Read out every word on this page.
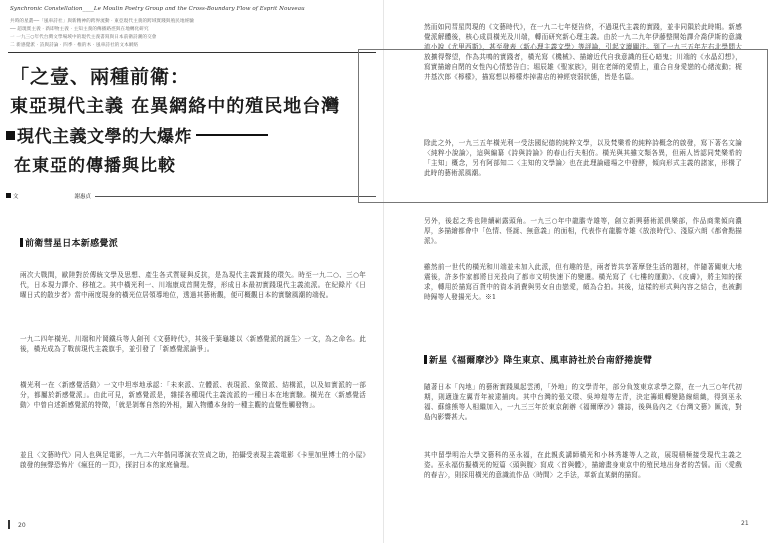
Synchronic Constellation____Le Moulin Poetry Group and the Cross-Boundary Flow of Esprit Nouveau
共時的星叢──「風車詩社」與新精神的跨界流動 · 東亞現代主義的跨域實踐與殖民地經驗
── 超現實主義 · 新即物主義 · 主知主義的傳播路徑與在地轉化研究
一 一九三○年代台灣文學場域中的現代主義書寫與日本前衛詩潮的交會
二 新感覺派 · 詩與詩論 · 四季 · 椎的木 · 風車詩社的文本網絡
「之壹、兩種前衛：
東亞現代主義 在異網絡中的殖民地台灣
現代主義文學的大爆炸
在東亞的傳播與比較
文	謝惠貞
前衛彗星日本新感覺派

兩次大戰間，歐陸對於傳統文學及思想、產生各式質疑與反抗，是為現代主義實踐的環矢。時至一九二○、三○年代，日本現力譯介、移植之。其中橫光利一、川端康成首開先聲，形成日本最初實踐現代主義流派。在紀錄片《日曜日式的散步者》當中兩度現身的橫光位居領導地位，透過其藝術觀，便可概觀日本的實驗風潮的端倪。

一九二四年橫光、川端和片岡鐵兵等人創刊《文藝時代》，其後千葉龜雄以〈新感覺派的誕生〉一文，為之命名。此後，橫光成為了戰前現代主義旗手，並引發了「新感覺派論爭」。

橫光利一在〈新感覺活動〉一文中坦率地承認：「未來派、立體派、表現派、象徵派、結構派，以及如實派的一部分，都屬於新感覺派」。由此可見，新感覺派是，雜揉各種現代主義流派的一種日本在地實驗。橫光在〈新感覺活動〉中曾自述新感覺派的特徵，「就是剝奪自然的外相，躍入物體本身的一種主觀的直覺性觸發物」。

並且〈文藝時代〉同人也與足電影，一九二六年偕同導演衣笠貞之助，拍攝受表現主義電影《卡里加里博士的小屋》啟發的無聲恐怖片《瘋狂的一頁》，探討日本的家庭倫理。

20

然而如同彗星閃現的《文藝時代》，在一九二七年便告終，不過現代主義的實踐，並非同隕於此時期。新感覺派解體後，核心成員橫光及川端，轉而研究新心理主義。由於一九二九年伊藤整開始譯介喬伊斯的意識流小說《尤里西斯》，甚至發表〈新心理主義文學〉等評論，引起文壇關注。到了一九三五年左右北學問大放擴得聲望，作為共鳴的實踐者，橫光寫《機械》、描繪近代自我意識的狂心暗鬼；川端的《水晶幻想》，寫實描繪自閉的女性內心情慾告白；堀辰雄《聖家族》，則在老師的愛情上，重合自身愛戀的心緒流動；梶井基次郎《檸檬》，描寫想以檸檬炸掉書店的神經衰弱狀態，皆是名篇。

除此之外，一九三五年橫光利一受法國紀德的純粹文學，以及梵樂希的純粹詩概念的啟發，寫下著名文論〈純粹小說論〉，這與編纂《詩與詩論》的春山行夫相仿。橫光與其雖文類各異，但兩人皆認同梵樂希的「主知」概念，另有阿部知二〈主知的文學論〉也在此理論磁場之中發酵，傾向形式主義的諸家，形構了此時的藝術派風潮。

另外，後起之秀也陸續嶄露頭角。一九三○年中龍膽寺雄等，創立新興藝術派俱樂部，作品商業傾向濃厚，多描繪都會中「色情、怪誕、無意義」的面相，代表作有龍膽寺雄《放浪時代》、淺原六朗《都會點描派》。

雖然前一世代的橫光和川端並未加入此派，但有趣的是，兩者皆共享著摩登生活的題材，伴隨著關東大地震後，許多作家都將目光投向了都市文明快速下的變遷。橫光寫了《七樓的運動》、《皮膚》，將主知的探求，轉用於描寫百貨中的資本消費與男女自由戀愛，頗為合拍。其後，這樣的形式與內容之結合，也被劃時歸等人發揚光大。※1

新星《福爾摩沙》降生東京、風車詩社於台南舒捲旋臂

隨著日本「內地」的藝術實踐風起雲湧，「外地」的文學青年，部分負笈東京求學之際，在一九三○年代初期，則適逢左翼青年被逮捕肉。其中台灣的張文環、吳坤煌等左青，決定籌組轉變路線組織，得到巫永福、蘇維熊等人相繼加入，一九三三年於東京創辦《福爾摩沙》雜誌，後與島內之《台灣文藝》匯流，對島內影響甚大。

其中留學明治大學文藝科的巫永福，在此親炙講師橫光和小林秀雄等人之故，展現積極接受現代主義之姿。巫永福仿擬橫光的短篇〈頭與腹〉寫成〈首與體〉，描繪畫身東京中的殖民地出身者的苦惱。而〈愛戲的春吉〉，則採用橫光的意識流作品〈時間〉之手法，革新直某網的描寫。

21
